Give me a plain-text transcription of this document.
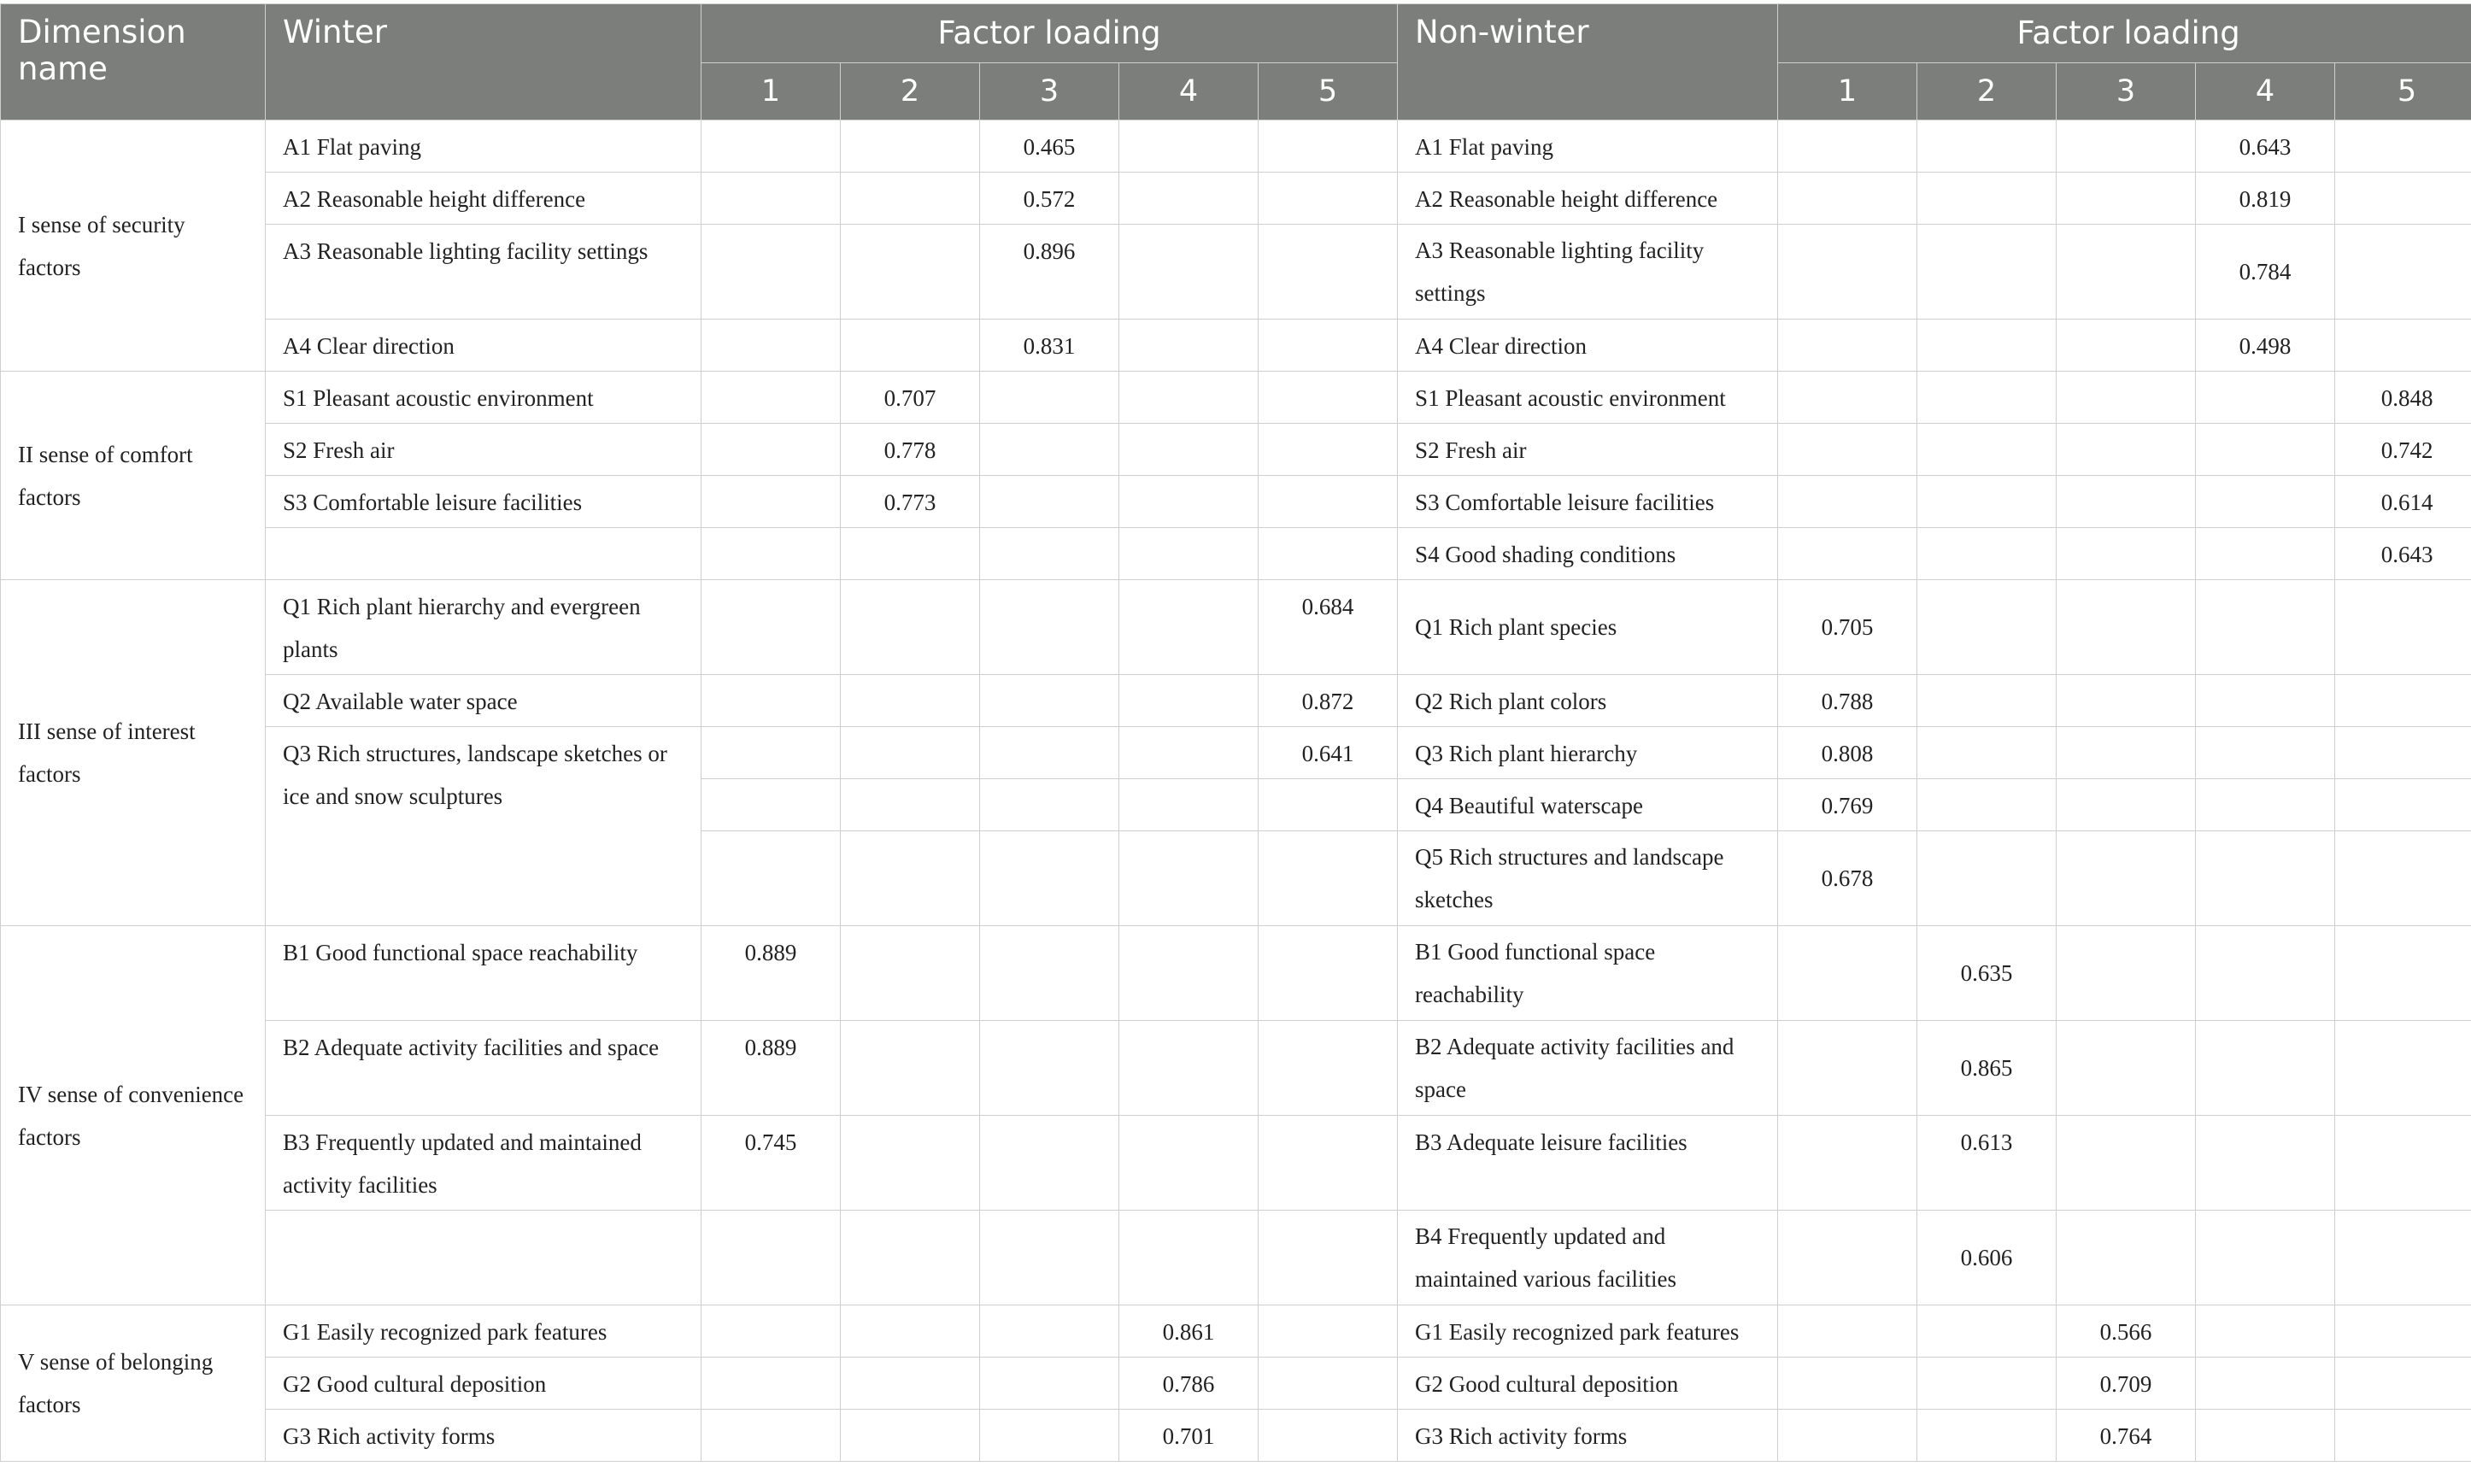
Dimension name	Winter	Factor loading					Non-winter	Factor loading				
		1	2	3	4	5		1	2	3	4	5
I sense of security factors	A1 Flat paving			0.465			A1 Flat paving				0.643	
	A2 Reasonable height difference			0.572			A2 Reasonable height difference				0.819	
	A3 Reasonable lighting facility settings			0.896			A3 Reasonable lighting facility settings				0.784	
	A4 Clear direction			0.831			A4 Clear direction				0.498	
II sense of comfort factors	S1 Pleasant acoustic environment		0.707				S1 Pleasant acoustic environment					0.848
	S2 Fresh air		0.778				S2 Fresh air					0.742
	S3 Comfortable leisure facilities		0.773				S3 Comfortable leisure facilities					0.614
							S4 Good shading conditions					0.643
III sense of interest factors	Q1 Rich plant hierarchy and evergreen plants					0.684	Q1 Rich plant species	0.705				
	Q2 Available water space					0.872	Q2 Rich plant colors	0.788				
	Q3 Rich structures, landscape sketches or ice and snow sculptures					0.641	Q3 Rich plant hierarchy	0.808				
							Q4 Beautiful waterscape	0.769				
							Q5 Rich structures and landscape sketches	0.678				
IV sense of convenience factors	B1 Good functional space reachability	0.889					B1 Good functional space reachability		0.635			
	B2 Adequate activity facilities and space	0.889					B2 Adequate activity facilities and space		0.865			
	B3 Frequently updated and maintained activity facilities	0.745					B3 Adequate leisure facilities		0.613			
							B4 Frequently updated and maintained various facilities		0.606			
V sense of belonging factors	G1 Easily recognized park features				0.861		G1 Easily recognized park features			0.566		
	G2 Good cultural deposition				0.786		G2 Good cultural deposition			0.709		
	G3 Rich activity forms				0.701		G3 Rich activity forms			0.764		
